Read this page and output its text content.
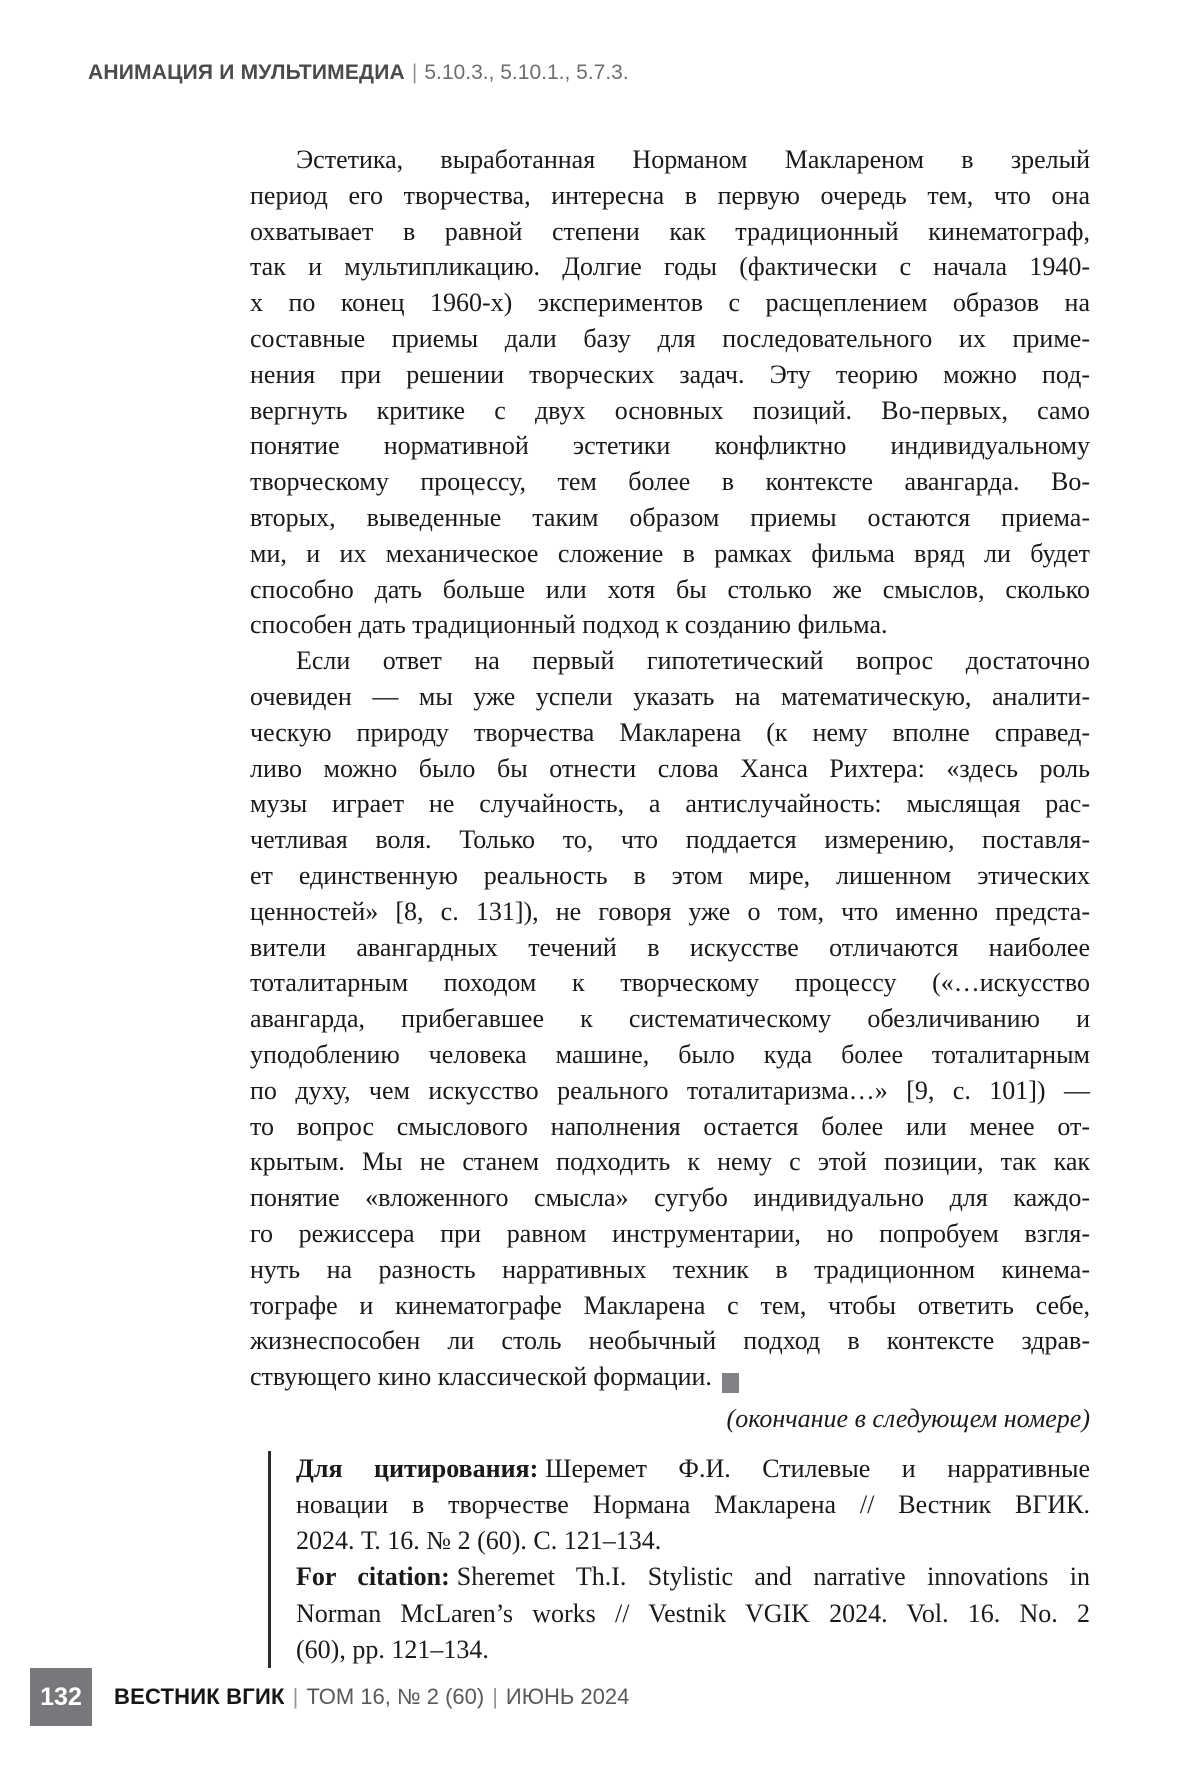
АНИМАЦИЯ И МУЛЬТИМЕДИА | 5.10.3., 5.10.1., 5.7.3.
Эстетика, выработанная Норманом Маклареном в зрелый
период его творчества, интересна в первую очередь тем, что она
охватывает в равной степени как традиционный кинематограф,
так и мультипликацию. Долгие годы (фактически с начала 1940-
х по конец 1960-х) экспериментов с расщеплением образов на
составные приемы дали базу для последовательного их приме-
нения при решении творческих задач. Эту теорию можно под-
вергнуть критике с двух основных позиций. Во-первых, само
понятие нормативной эстетики конфликтно индивидуальному
творческому процессу, тем более в контексте авангарда. Во-
вторых, выведенные таким образом приемы остаются приема-
ми, и их механическое сложение в рамках фильма вряд ли будет
способно дать больше или хотя бы столько же смыслов, сколько
способен дать традиционный подход к созданию фильма.
Если ответ на первый гипотетический вопрос достаточно
очевиден — мы уже успели указать на математическую, аналити-
ческую природу творчества Макларена (к нему вполне справед-
ливо можно было бы отнести слова Ханса Рихтера: «здесь роль
музы играет не случайность, а антислучайность: мыслящая рас-
четливая воля. Только то, что поддается измерению, поставля-
ет единственную реальность в этом мире, лишенном этических
ценностей» [8, с. 131]), не говоря уже о том, что именно предста-
вители авангардных течений в искусстве отличаются наиболее
тоталитарным походом к творческому процессу («…искусство
авангарда, прибегавшее к систематическому обезличиванию и
уподоблению человека машине, было куда более тоталитарным
по духу, чем искусство реального тоталитаризма…» [9, с. 101]) —
то вопрос смыслового наполнения остается более или менее от-
крытым. Мы не станем подходить к нему с этой позиции, так как
понятие «вложенного смысла» сугубо индивидуально для каждо-
го режиссера при равном инструментарии, но попробуем взгля-
нуть на разность нарративных техник в традиционном кинема-
тографе и кинематографе Макларена с тем, чтобы ответить себе,
жизнеспособен ли столь необычный подход в контексте здрав-
ствующего кино классической формации.
(окончание в следующем номере)
Для цитирования: Шеремет Ф.И. Стилевые и нарративные
новации в творчестве Нормана Макларена // Вестник ВГИК.
2024. Т. 16. № 2 (60). С. 121–134.
For citation: Sheremet Th.I. Stylistic and narrative innovations in
Norman McLaren’s works // Vestnik VGIK 2024. Vol. 16. No. 2
(60), pp. 121–134.
132 ВЕСТНИК ВГИК | ТОМ 16, № 2 (60) | ИЮНЬ 2024
